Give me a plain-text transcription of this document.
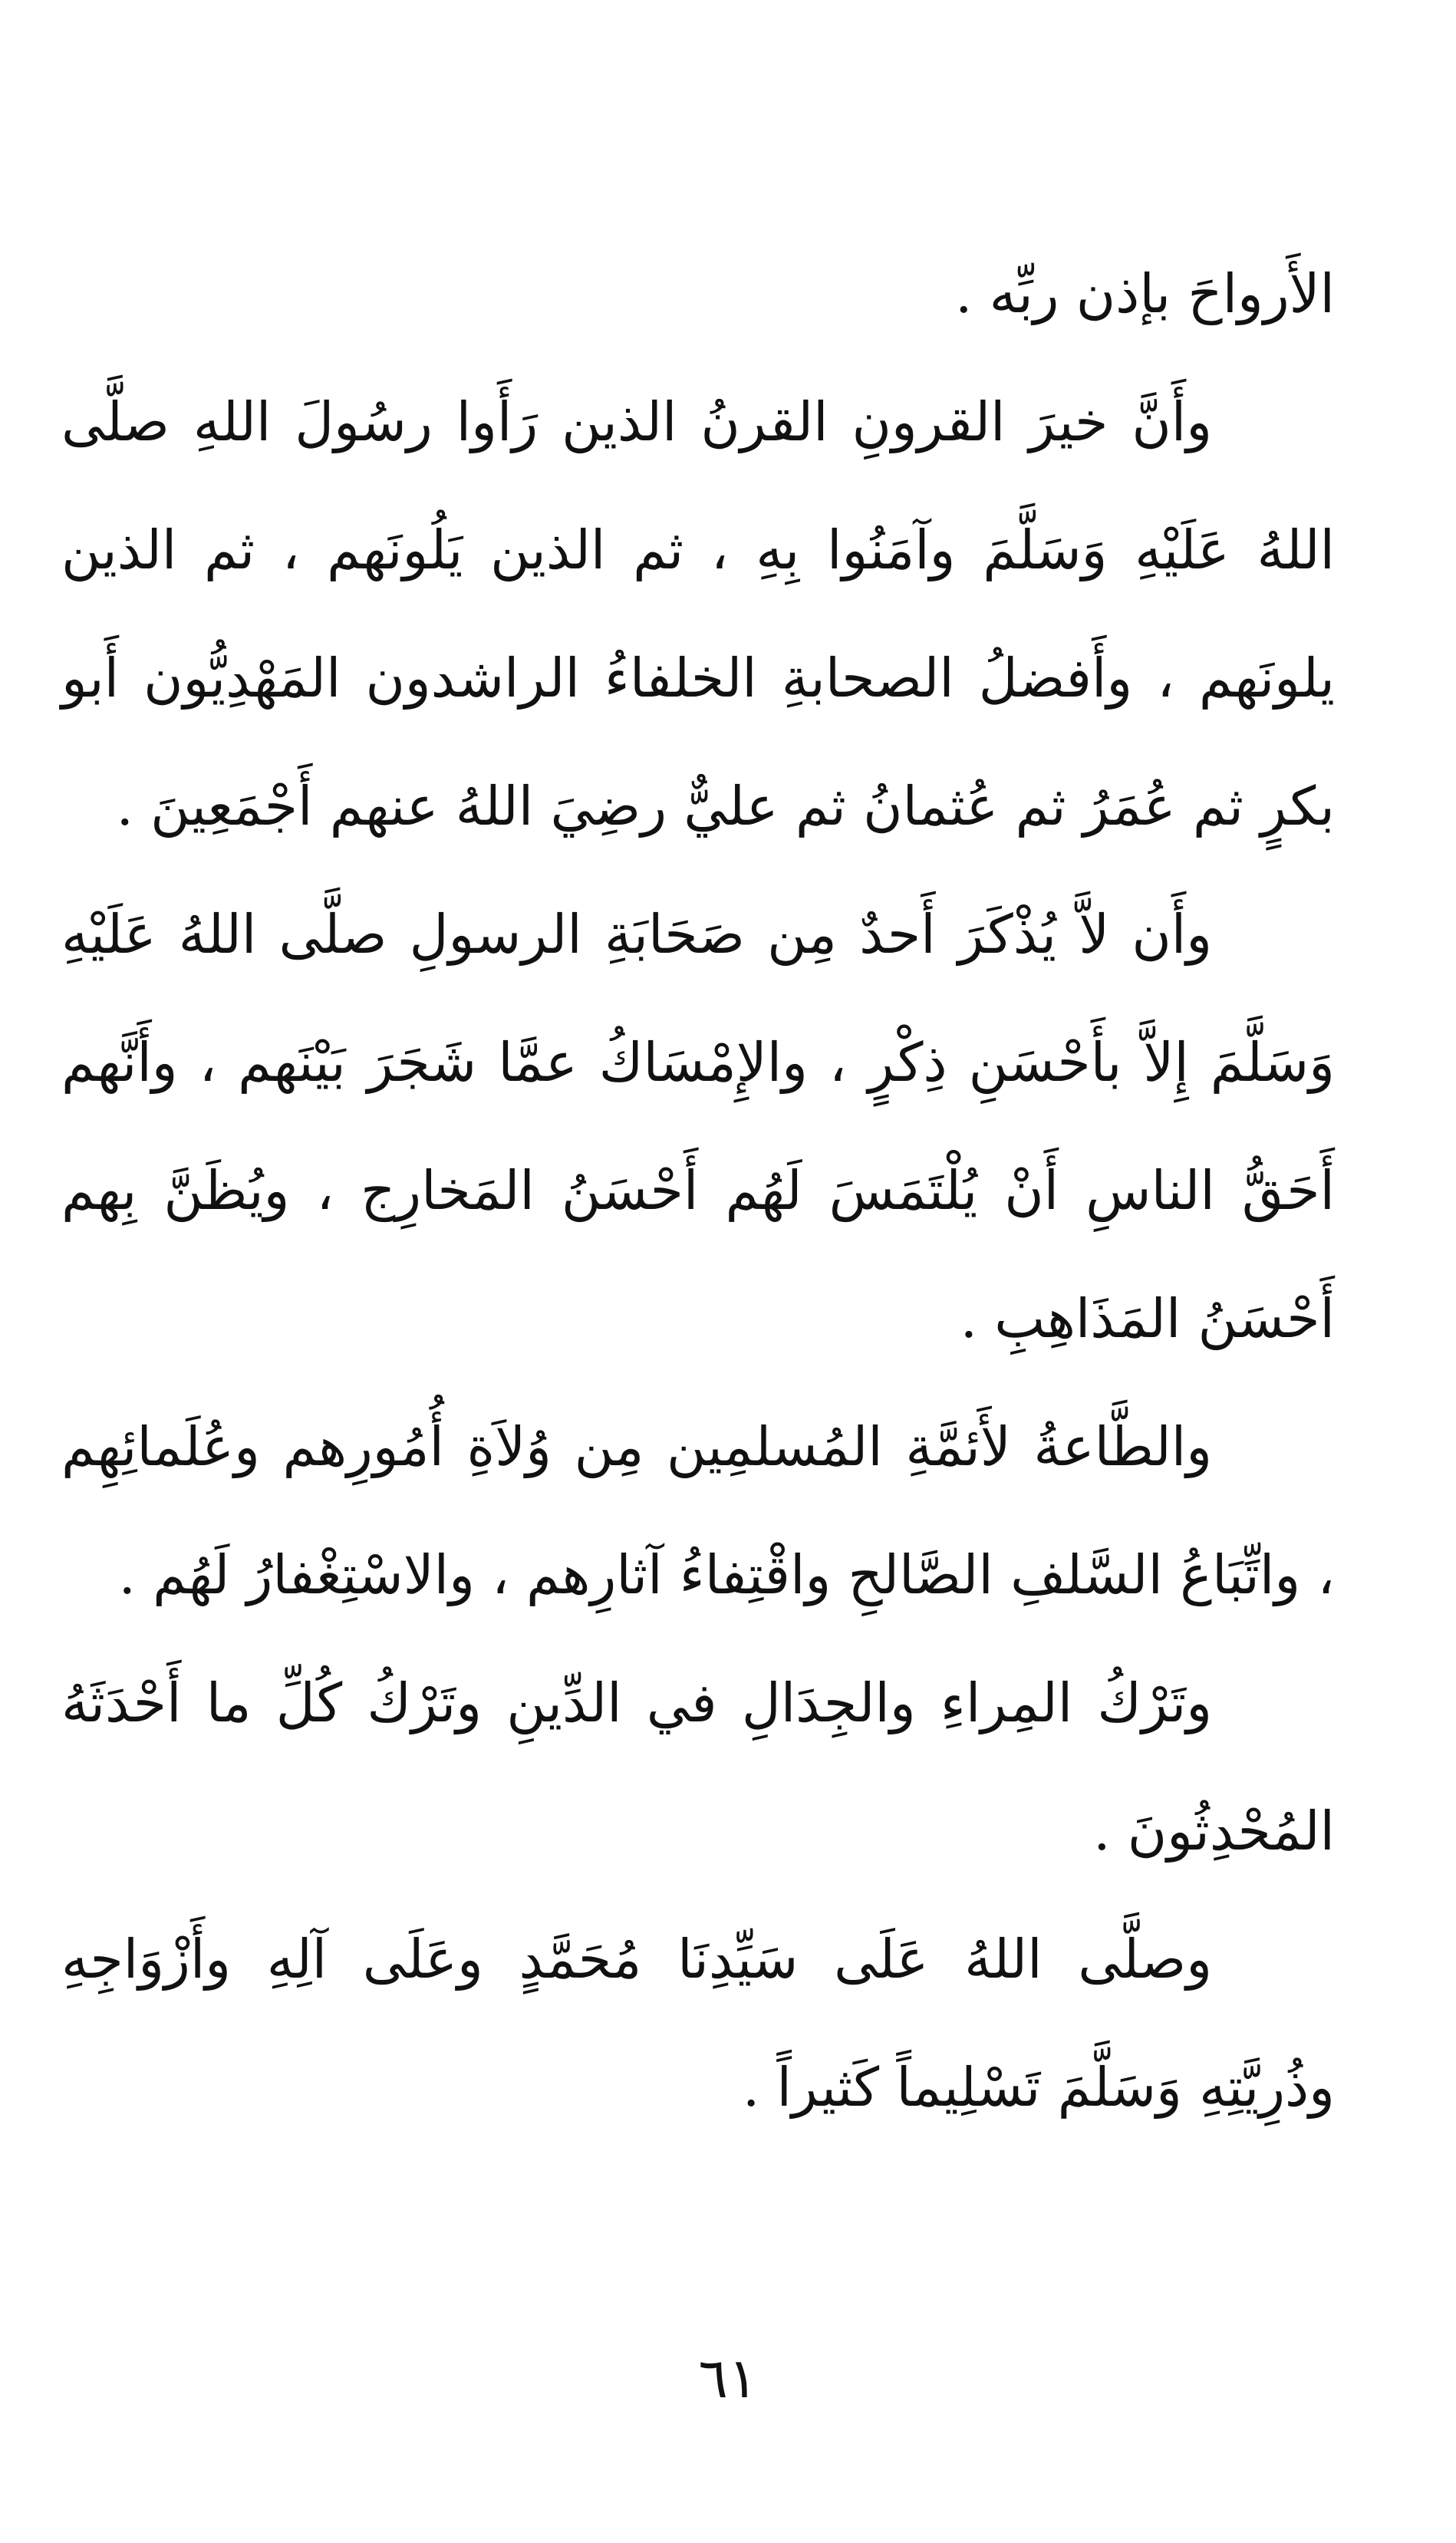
الأَرواحَ بإذن ربِّه .

وأَنَّ خيرَ القرونِ القرنُ الذين رَأَوا رسُولَ اللهِ صلَّى اللهُ عَلَيْهِ وَسَلَّمَ وآمَنُوا بِهِ ، ثم الذين يَلُونَهم ، ثم الذين يلونَهم ، وأَفضلُ الصحابةِ الخلفاءُ الراشدون المَهْدِيُّون أَبو بكرٍ ثم عُمَرُ ثم عُثمانُ ثم عليٌّ رضِيَ اللهُ عنهم أَجْمَعِينَ .

وأَن لاَّ يُذْكَرَ أَحدٌ مِن صَحَابَةِ الرسولِ صلَّى اللهُ عَلَيْهِ وَسَلَّمَ إِلاَّ بأَحْسَنِ ذِكْرٍ ، والإِمْسَاكُ عمَّا شَجَرَ بَيْنَهم ، وأَنَّهم أَحَقُّ الناسِ أَنْ يُلْتَمَسَ لَهُم أَحْسَنُ المَخارِج ، ويُظَنَّ بِهم أَحْسَنُ المَذَاهِبِ .

والطَّاعةُ لأَئمَّةِ المُسلمِين مِن وُلاَةِ أُمُورِهم وعُلَمائِهِم ، واتِّبَاعُ السَّلفِ الصَّالحِ واقْتِفاءُ آثارِهم ، والاسْتِغْفارُ لَهُم .

وتَرْكُ المِراءِ والجِدَالِ في الدِّينِ وتَرْكُ كُلِّ ما أَحْدَثَهُ المُحْدِثُونَ .

وصلَّى اللهُ عَلَى سَيِّدِنَا مُحَمَّدٍ وعَلَى آلِهِ وأَزْوَاجِهِ وذُرِيَّتِهِ وَسَلَّمَ تَسْلِيماً كَثيراً .

٦١
